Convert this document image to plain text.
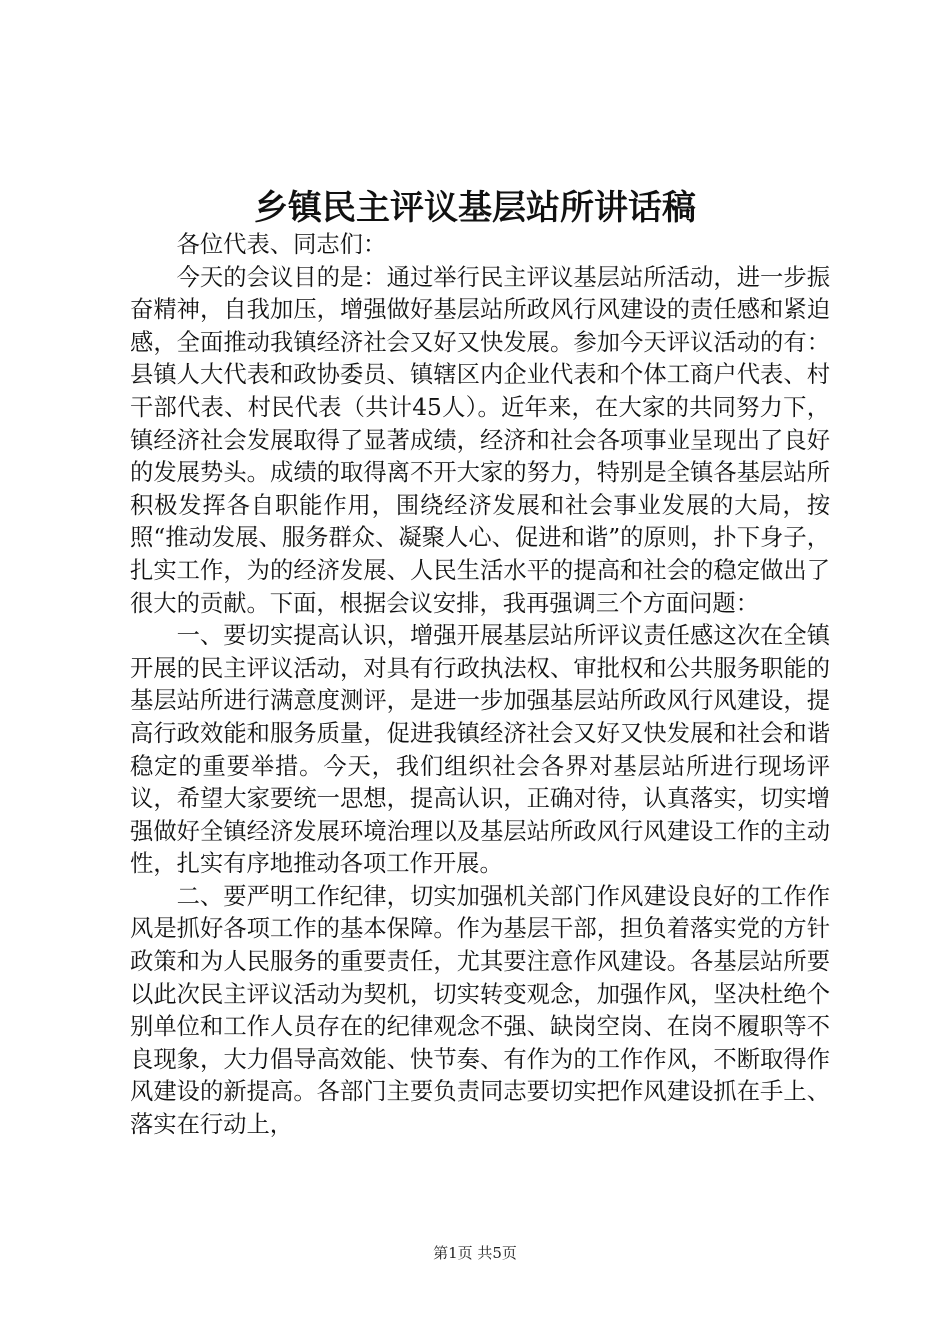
乡镇民主评议基层站所讲话稿

各位代表、同志们：

今天的会议目的是：通过举行民主评议基层站所活动，进一步振奋精神，自我加压，增强做好基层站所政风行风建设的责任感和紧迫感，全面推动我镇经济社会又好又快发展。参加今天评议活动的有：县镇人大代表和政协委员、镇辖区内企业代表和个体工商户代表、村干部代表、村民代表（共计45人）。近年来，在大家的共同努力下，镇经济社会发展取得了显著成绩，经济和社会各项事业呈现出了良好的发展势头。成绩的取得离不开大家的努力，特别是全镇各基层站所积极发挥各自职能作用，围绕经济发展和社会事业发展的大局，按照“推动发展、服务群众、凝聚人心、促进和谐”的原则，扑下身子，扎实工作，为的经济发展、人民生活水平的提高和社会的稳定做出了很大的贡献。下面，根据会议安排，我再强调三个方面问题：

一、要切实提高认识，增强开展基层站所评议责任感这次在全镇开展的民主评议活动，对具有行政执法权、审批权和公共服务职能的基层站所进行满意度测评，是进一步加强基层站所政风行风建设，提高行政效能和服务质量，促进我镇经济社会又好又快发展和社会和谐稳定的重要举措。今天，我们组织社会各界对基层站所进行现场评议，希望大家要统一思想，提高认识，正确对待，认真落实，切实增强做好全镇经济发展环境治理以及基层站所政风行风建设工作的主动性，扎实有序地推动各项工作开展。

二、要严明工作纪律，切实加强机关部门作风建设良好的工作作风是抓好各项工作的基本保障。作为基层干部，担负着落实党的方针政策和为人民服务的重要责任，尤其要注意作风建设。各基层站所要以此次民主评议活动为契机，切实转变观念，加强作风，坚决杜绝个别单位和工作人员存在的纪律观念不强、缺岗空岗、在岗不履职等不良现象，大力倡导高效能、快节奏、有作为的工作作风，不断取得作风建设的新提高。各部门主要负责同志要切实把作风建设抓在手上、落实在行动上，

第1页 共5页
